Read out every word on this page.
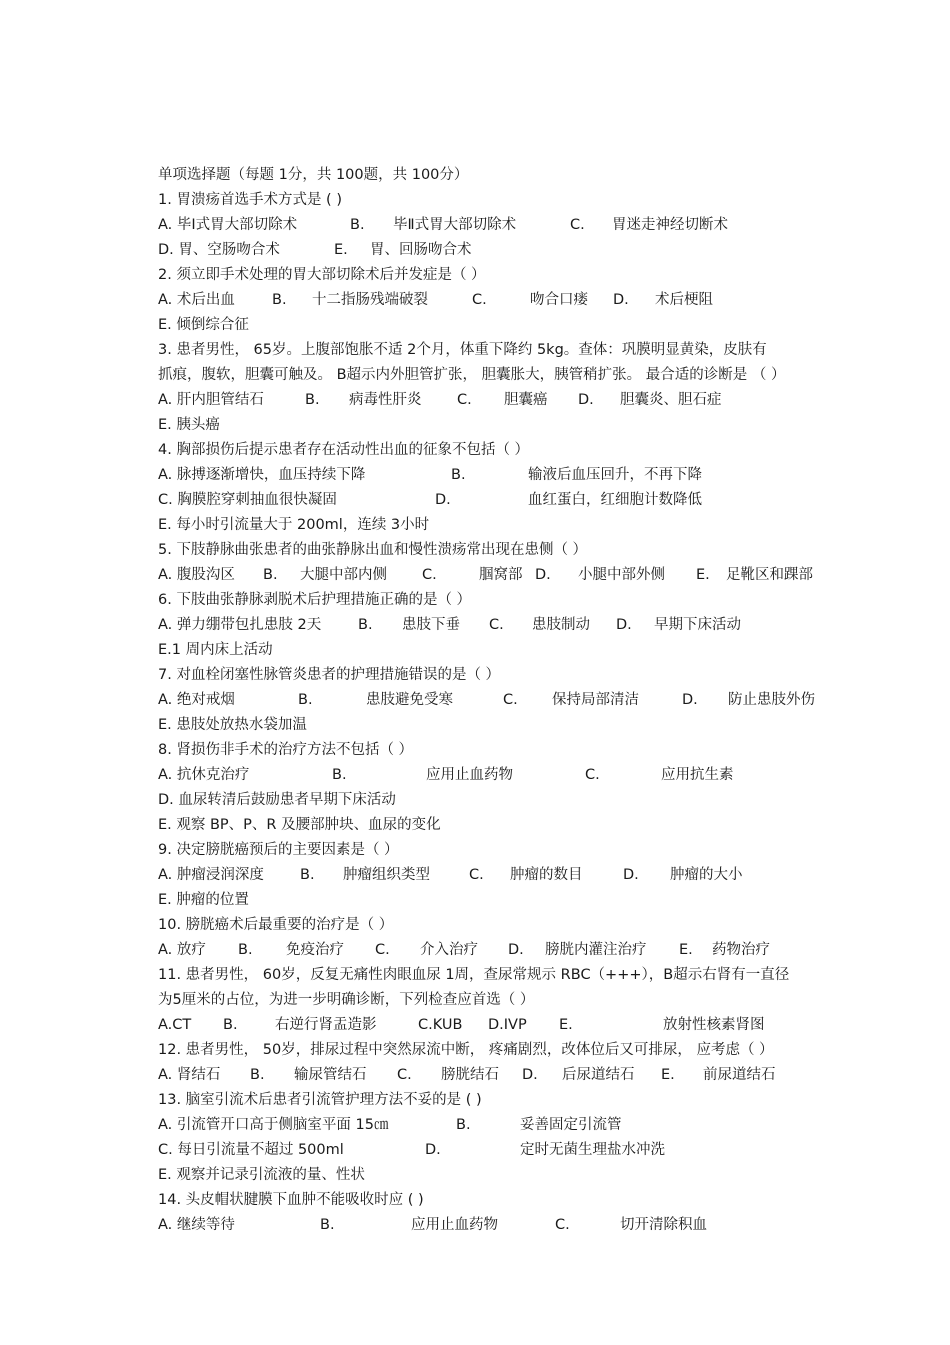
单项选择题（每题 1分，共 100题，共 100分）
1. 胃溃疡首选手术方式是 ( )
A. 毕Ⅰ式胃大部切除术	B. 毕Ⅱ式胃大部切除术	C. 胃迷走神经切断术
D. 胃、空肠吻合术	E. 胃、回肠吻合术
2. 须立即手术处理的胃大部切除术后并发症是（ ）
A. 术后出血	B. 十二指肠残端破裂	C.	吻合口瘘 D. 术后梗阻
E. 倾倒综合征
3. 患者男性， 65岁。上腹部饱胀不适 2个月，体重下降约 5kg。查体：巩膜明显黄染，皮肤有
抓痕，腹软，胆囊可触及。 B超示内外胆管扩张， 胆囊胀大，胰管稍扩张。 最合适的诊断是 （ ）
A. 肝内胆管结石	B. 病毒性肝炎 C. 胆囊癌 D. 胆囊炎、胆石症
E. 胰头癌
4. 胸部损伤后提示患者存在活动性出血的征象不包括（ ）
A. 脉搏逐渐增快，血压持续下降	B.	输液后血压回升，不再下降
C. 胸膜腔穿刺抽血很快凝固	D.	血红蛋白，红细胞计数降低
E. 每小时引流量大于 200ml，连续 3小时
5. 下肢静脉曲张患者的曲张静脉出血和慢性溃疡常出现在患侧（ ）
A. 腹股沟区 B. 大腿中部内侧 C.	腘窝部 D. 小腿中部外侧 E. 足靴区和踝部
6. 下肢曲张静脉剥脱术后护理措施正确的是（ ）
A. 弹力绷带包扎患肢 2天	B. 患肢下垂 C. 患肢制动 D. 早期下床活动
E.1 周内床上活动
7. 对血栓闭塞性脉管炎患者的护理措施错误的是（ ）
A. 绝对戒烟	B.	患肢避免受寒	C. 保持局部清洁	D. 防止患肢外伤
E. 患肢处放热水袋加温
8. 肾损伤非手术的治疗方法不包括（ ）
A. 抗休克治疗	B.	应用止血药物	C.	应用抗生素
D. 血尿转清后鼓励患者早期下床活动
E. 观察 BP、P、R 及腰部肿块、血尿的变化
9. 决定膀胱癌预后的主要因素是（ ）
A. 肿瘤浸润深度 B. 肿瘤组织类型	C. 肿瘤的数目	D. 肿瘤的大小
E. 肿瘤的位置
10. 膀胱癌术后最重要的治疗是（ ）
A. 放疗 B. 免疫治疗 C. 介入治疗 D. 膀胱内灌注治疗 E. 药物治疗
11. 患者男性， 60岁，反复无痛性肉眼血尿 1周，查尿常规示 RBC（+++），B超示右肾有一直径
为5厘米的占位，为进一步明确诊断，下列检查应首选（ ）
A.CT B.	右逆行肾盂造影	C.KUB D.IVP E.	放射性核素肾图
12. 患者男性， 50岁，排尿过程中突然尿流中断， 疼痛剧烈，改体位后又可排尿， 应考虑（ ）
A. 肾结石 B. 输尿管结石 C. 膀胱结石 D. 后尿道结石 E. 前尿道结石
13. 脑室引流术后患者引流管护理方法不妥的是 ( )
A. 引流管开口高于侧脑室平面 15㎝	B.	妥善固定引流管
C. 每日引流量不超过 500ml	D.	定时无菌生理盐水冲洗
E. 观察并记录引流液的量、性状
14. 头皮帽状腱膜下血肿不能吸收时应 ( )
A. 继续等待	B.	应用止血药物	C.	切开清除积血
